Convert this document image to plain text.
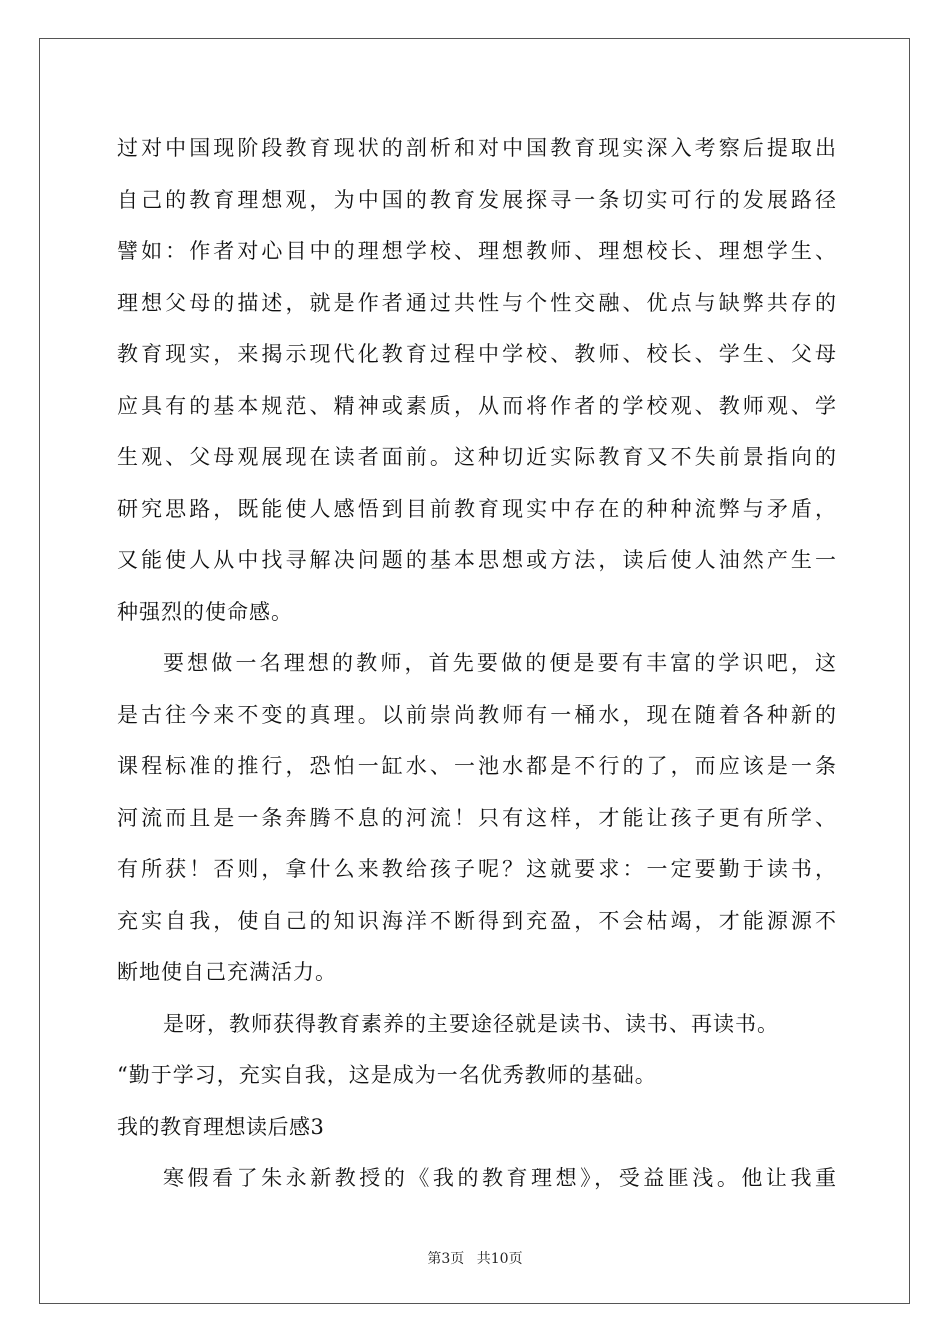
过对中国现阶段教育现状的剖析和对中国教育现实深入考察后提取出
自己的教育理想观，为中国的教育发展探寻一条切实可行的发展路径
譬如：作者对心目中的理想学校、理想教师、理想校长、理想学生、
理想父母的描述，就是作者通过共性与个性交融、优点与缺弊共存的
教育现实，来揭示现代化教育过程中学校、教师、校长、学生、父母
应具有的基本规范、精神或素质，从而将作者的学校观、教师观、学
生观、父母观展现在读者面前。这种切近实际教育又不失前景指向的
研究思路，既能使人感悟到目前教育现实中存在的种种流弊与矛盾，
又能使人从中找寻解决问题的基本思想或方法，读后使人油然产生一
种强烈的使命感。
要想做一名理想的教师，首先要做的便是要有丰富的学识吧，这
是古往今来不变的真理。以前崇尚教师有一桶水，现在随着各种新的
课程标准的推行，恐怕一缸水、一池水都是不行的了，而应该是一条
河流而且是一条奔腾不息的河流！只有这样，才能让孩子更有所学、
有所获！否则，拿什么来教给孩子呢？这就要求：一定要勤于读书，
充实自我，使自己的知识海洋不断得到充盈，不会枯竭，才能源源不
断地使自己充满活力。
是呀，教师获得教育素养的主要途径就是读书、读书、再读书。
“勤于学习，充实自我，这是成为一名优秀教师的基础。
我的教育理想读后感3
寒假看了朱永新教授的《我的教育理想》，受益匪浅。他让我重
第3页 共10页
